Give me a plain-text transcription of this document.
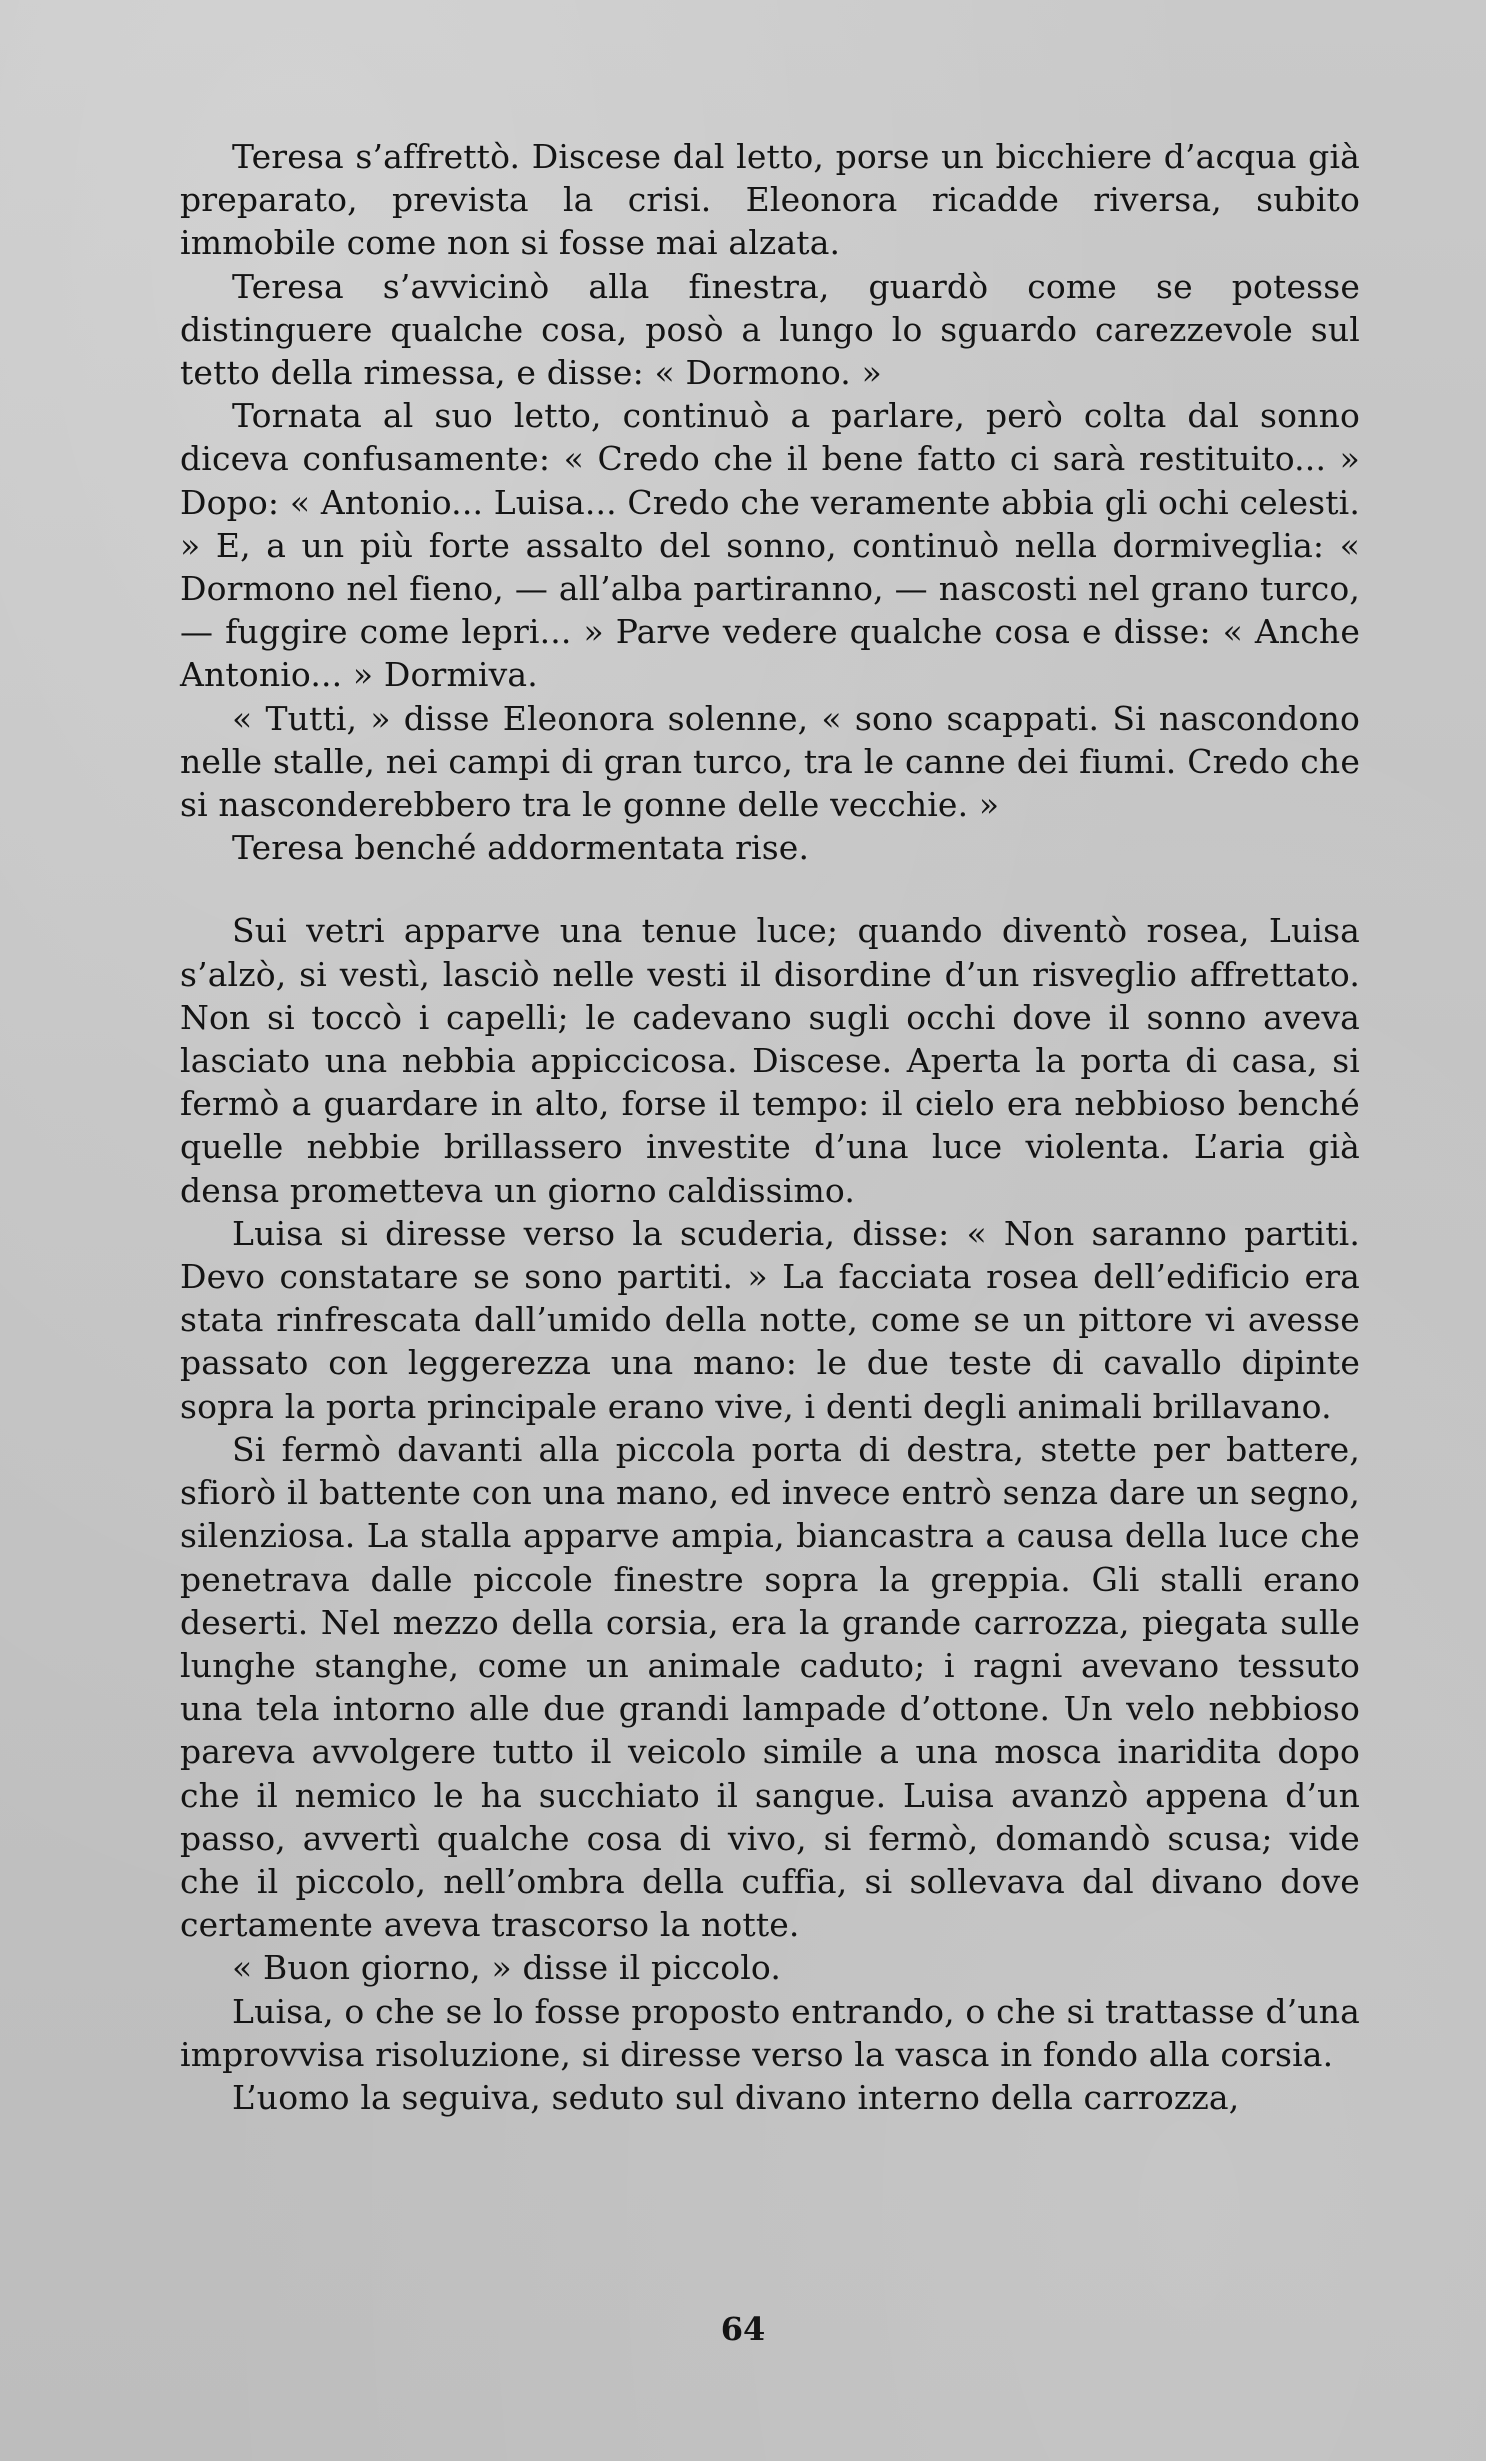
Teresa s’affrettò. Discese dal letto, porse un bicchiere d’acqua già preparato, prevista la crisi. Eleonora ricadde riversa, subito immobile come non si fosse mai alzata.

Teresa s’avvicinò alla finestra, guardò come se potesse distinguere qualche cosa, posò a lungo lo sguardo carezzevole sul tetto della rimessa, e disse: « Dormono. »

Tornata al suo letto, continuò a parlare, però colta dal sonno diceva confusamente: « Credo che il bene fatto ci sarà restituito... » Dopo: « Antonio... Luisa... Credo che veramente abbia gli ochi celesti. » E, a un più forte assalto del sonno, continuò nella dormiveglia: « Dormono nel fieno, — all’alba partiranno, — nascosti nel grano turco, — fuggire come lepri... » Parve vedere qualche cosa e disse: « Anche Antonio... » Dormiva.

« Tutti, » disse Eleonora solenne, « sono scappati. Si nascondono nelle stalle, nei campi di gran turco, tra le canne dei fiumi. Credo che si nasconderebbero tra le gonne delle vecchie. »

Teresa benché addormentata rise.

Sui vetri apparve una tenue luce; quando diventò rosea, Luisa s’alzò, si vestì, lasciò nelle vesti il disordine d’un risveglio affrettato. Non si toccò i capelli; le cadevano sugli occhi dove il sonno aveva lasciato una nebbia appiccicosa. Discese. Aperta la porta di casa, si fermò a guardare in alto, forse il tempo: il cielo era nebbioso benché quelle nebbie brillassero investite d’una luce violenta. L’aria già densa prometteva un giorno caldissimo.

Luisa si diresse verso la scuderia, disse: « Non saranno partiti. Devo constatare se sono partiti. » La facciata rosea dell’edificio era stata rinfrescata dall’umido della notte, come se un pittore vi avesse passato con leggerezza una mano: le due teste di cavallo dipinte sopra la porta principale erano vive, i denti degli animali brillavano.

Si fermò davanti alla piccola porta di destra, stette per battere, sfiorò il battente con una mano, ed invece entrò senza dare un segno, silenziosa. La stalla apparve ampia, biancastra a causa della luce che penetrava dalle piccole finestre sopra la greppia. Gli stalli erano deserti. Nel mezzo della corsia, era la grande carrozza, piegata sulle lunghe stanghe, come un animale caduto; i ragni avevano tessuto una tela intorno alle due grandi lampade d’ottone. Un velo nebbioso pareva avvolgere tutto il veicolo simile a una mosca inaridita dopo che il nemico le ha succhiato il sangue. Luisa avanzò appena d’un passo, avvertì qualche cosa di vivo, si fermò, domandò scusa; vide che il piccolo, nell’ombra della cuffia, si sollevava dal divano dove certamente aveva trascorso la notte.

« Buon giorno, » disse il piccolo.

Luisa, o che se lo fosse proposto entrando, o che si trattasse d’una improvvisa risoluzione, si diresse verso la vasca in fondo alla corsia.

L’uomo la seguiva, seduto sul divano interno della carrozza,

64
